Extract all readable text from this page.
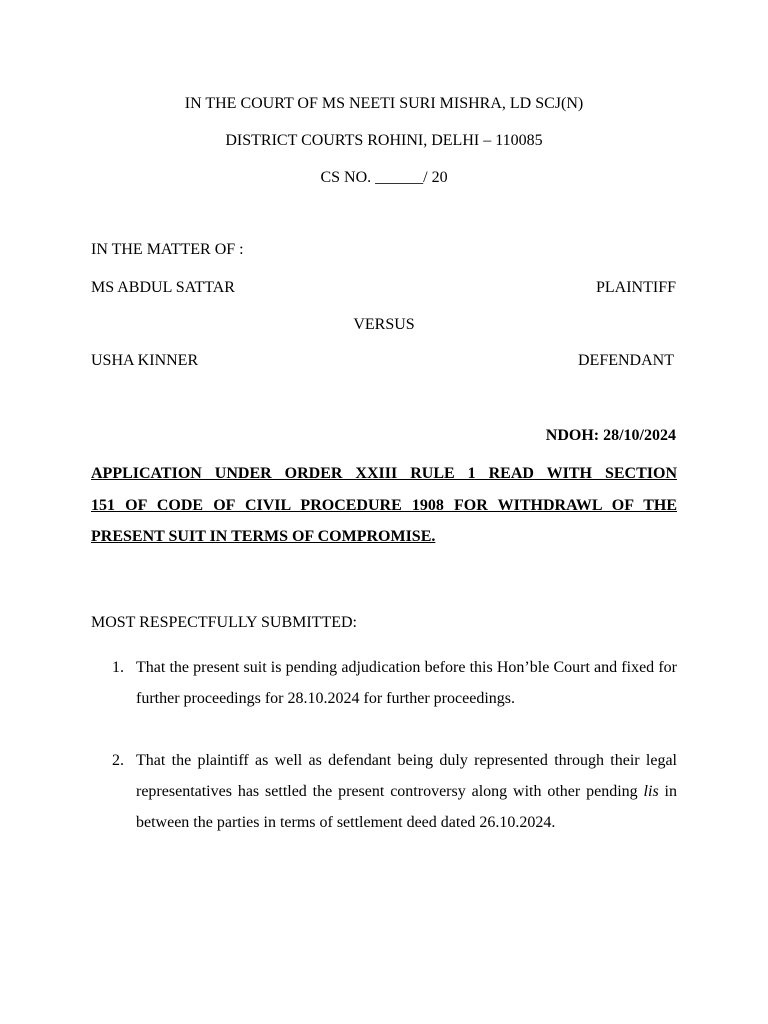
IN THE COURT OF MS NEETI SURI MISHRA, LD SCJ(N)
DISTRICT COURTS ROHINI, DELHI – 110085
CS NO. ______/ 20
IN THE MATTER OF :
MS ABDUL SATTAR	PLAINTIFF
VERSUS
USHA KINNER	DEFENDANT
NDOH: 28/10/2024
APPLICATION UNDER ORDER XXIII RULE 1 READ WITH SECTION
151 OF CODE OF CIVIL PROCEDURE 1908 FOR WITHDRAWL OF THE
PRESENT SUIT IN TERMS OF COMPROMISE.
MOST RESPECTFULLY SUBMITTED:
1. That the present suit is pending adjudication before this Hon’ble Court and fixed for further proceedings for 28.10.2024 for further proceedings.
2. That the plaintiff as well as defendant being duly represented through their legal representatives has settled the present controversy along with other pending lis in between the parties in terms of settlement deed dated 26.10.2024.
